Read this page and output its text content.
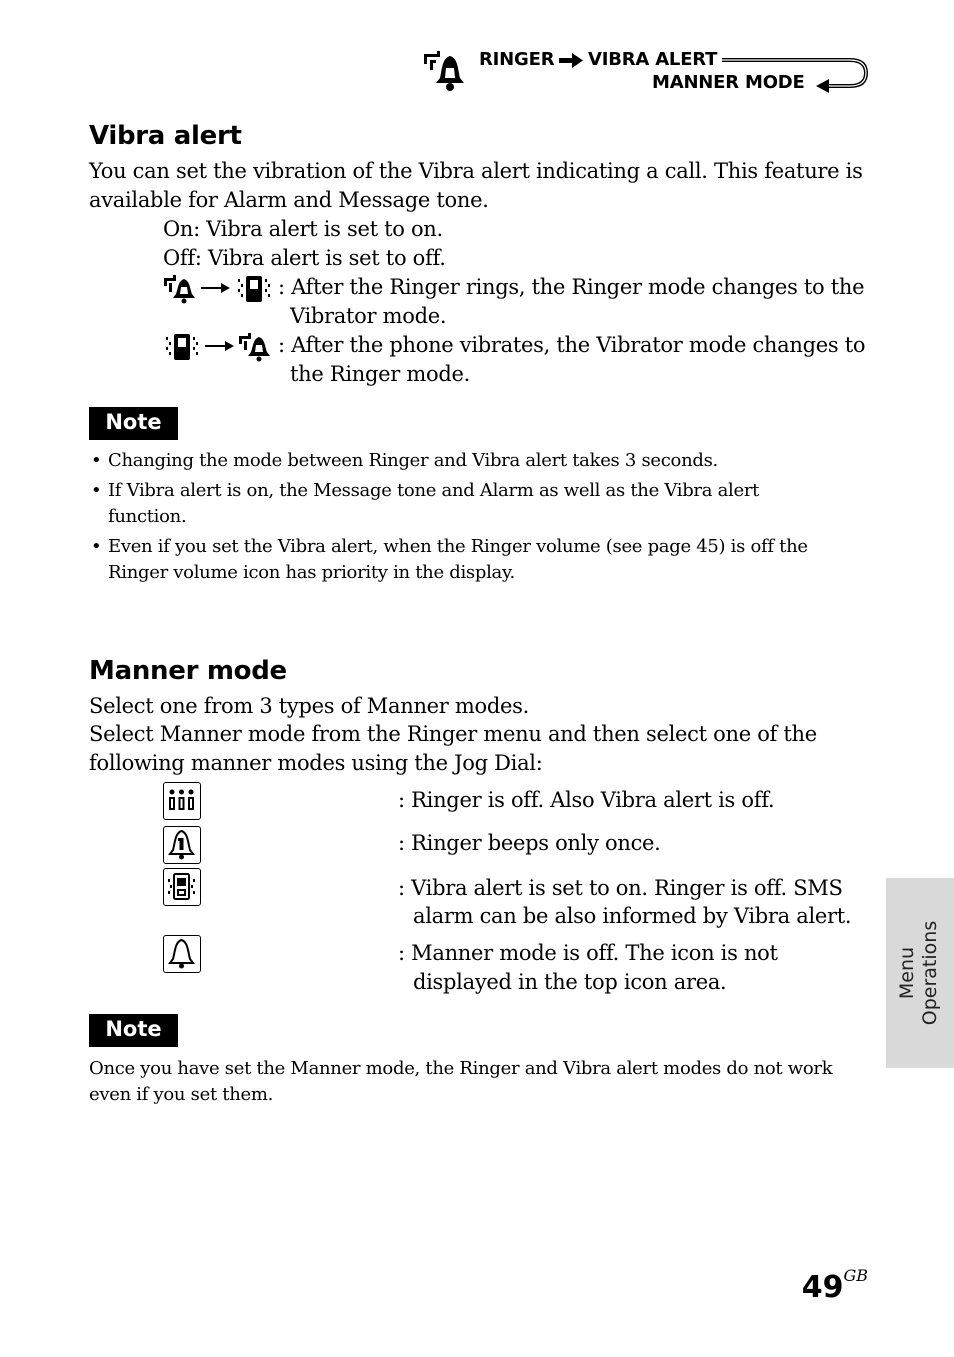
RINGER VIBRA ALERT
MANNER MODE
Vibra alert
You can set the vibration of the Vibra alert indicating a call. This feature is
available for Alarm and Message tone.
On: Vibra alert is set to on.
Off: Vibra alert is set to off.
: After the Ringer rings, the Ringer mode changes to the
Vibrator mode.
: After the phone vibrates, the Vibrator mode changes to
the Ringer mode.
Note
• Changing the mode between Ringer and Vibra alert takes 3 seconds.
• If Vibra alert is on, the Message tone and Alarm as well as the Vibra alert
function.
• Even if you set the Vibra alert, when the Ringer volume (see page 45) is off the
Ringer volume icon has priority in the display.
Manner mode
Select one from 3 types of Manner modes.
Select Manner mode from the Ringer menu and then select one of the
following manner modes using the Jog Dial:
: Ringer is off. Also Vibra alert is off.
: Ringer beeps only once.
: Vibra alert is set to on. Ringer is off. SMS
alarm can be also informed by Vibra alert.
: Manner mode is off. The icon is not
displayed in the top icon area.
Note
Once you have set the Manner mode, the Ringer and Vibra alert modes do not work
even if you set them.
Menu Operations
$49^{GB}$
